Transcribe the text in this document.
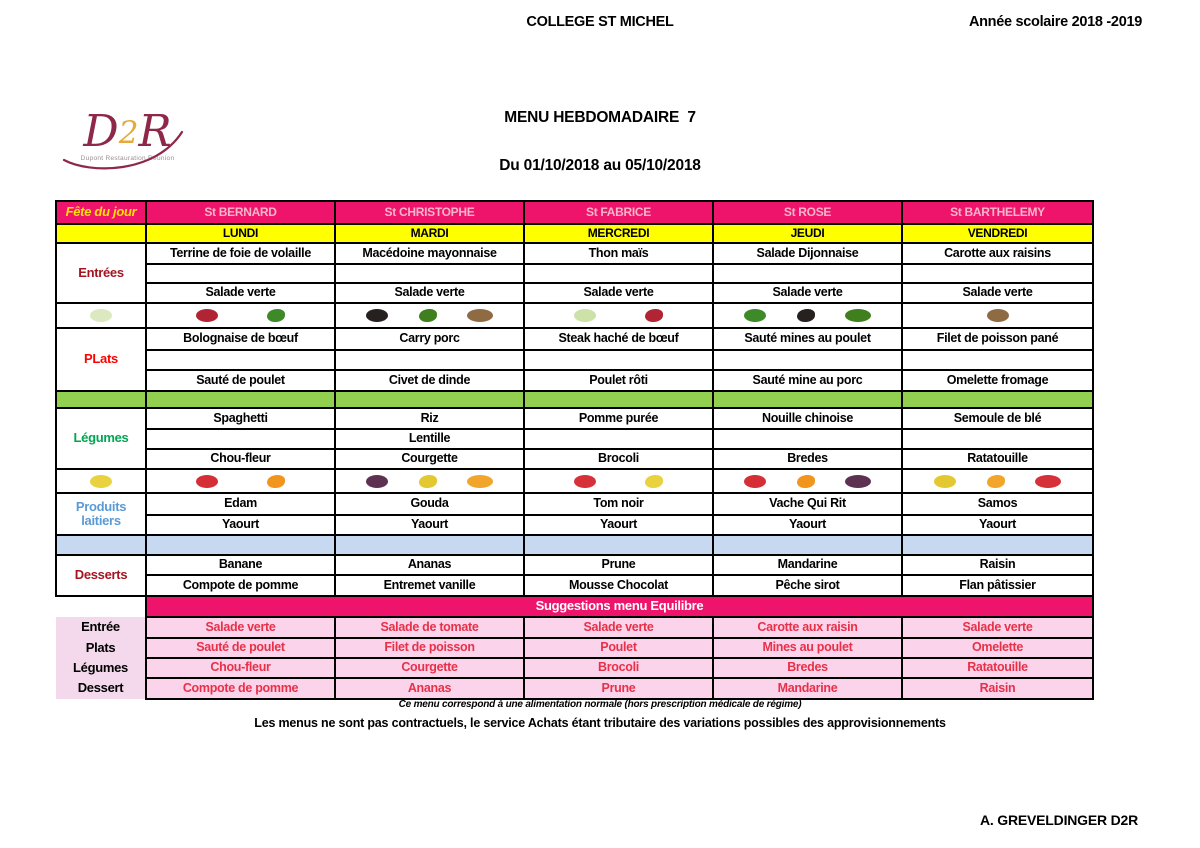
COLLEGE ST MICHEL	Année scolaire 2018 -2019
D2R
Dupont Restauration Réunion
MENU HEBDOMADAIRE  7
Du 01/10/2018 au 05/10/2018
Fête du jour	St BERNARD	St CHRISTOPHE	St FABRICE	St ROSE	St BARTHELEMY
	LUNDI	MARDI	MERCREDI	JEUDI	VENDREDI
Entrées	Terrine de foie de volaille	Macédoine mayonnaise	Thon maïs	Salade Dijonnaise	Carotte aux raisins

	Salade verte	Salade verte	Salade verte	Salade verte	Salade verte

PLats	Bolognaise de bœuf	Carry porc	Steak haché de bœuf	Sauté mines au poulet	Filet de poisson pané

	Sauté de poulet	Civet de dinde	Poulet rôti	Sauté mine au porc	Omelette fromage

Légumes	Spaghetti	Riz	Pomme purée	Nouille chinoise	Semoule de blé
		Lentille			
	Chou-fleur	Courgette	Brocoli	Bredes	Ratatouille

Produits laitiers	Edam	Gouda	Tom noir	Vache Qui Rit	Samos
	Yaourt	Yaourt	Yaourt	Yaourt	Yaourt

Desserts	Banane	Ananas	Prune	Mandarine	Raisin
	Compote de pomme	Entremet vanille	Mousse Chocolat	Pêche sirot	Flan pâtissier
	Suggestions menu Equilibre				
Entrée	Salade verte	Salade de tomate	Salade verte	Carotte aux raisin	Salade verte
Plats	Sauté de poulet	Filet de poisson	Poulet	Mines au poulet	Omelette
Légumes	Chou-fleur	Courgette	Brocoli	Bredes	Ratatouille
Dessert	Compote de pomme	Ananas	Prune	Mandarine	Raisin
Ce menu correspond à une alimentation normale (hors prescription médicale de régime)
Les menus ne sont pas contractuels, le service Achats étant tributaire des variations possibles des approvisionnements
A. GREVELDINGER D2R
